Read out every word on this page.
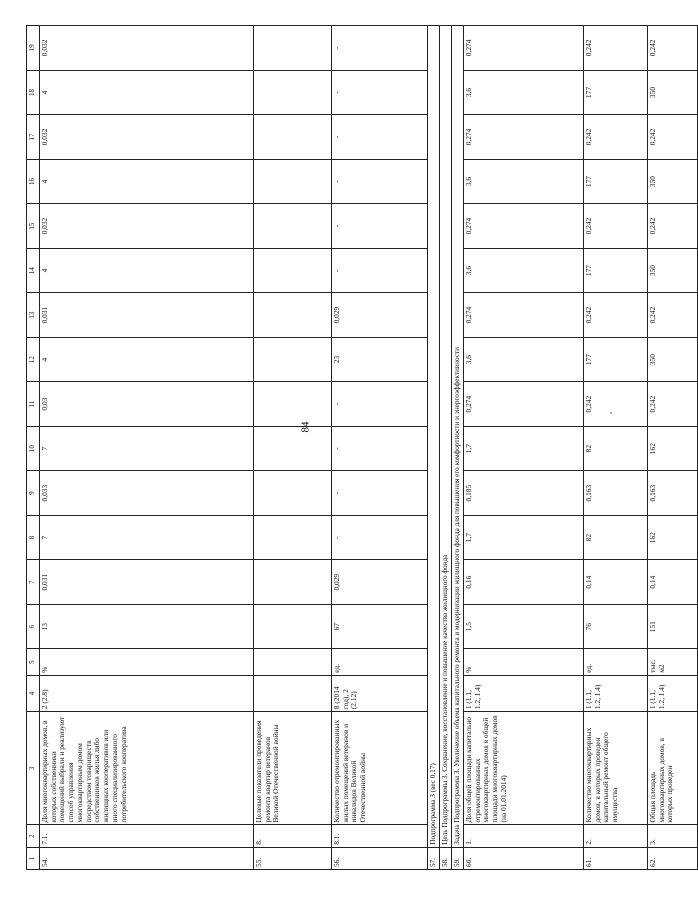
84
1	2	3	4	5	6	7	8	9	10	11	12	13	14	15	16	17	18	19
54.	7.1.	Доля многоквартирных домов, в которых собственники помещений выбрали и реализуют способ управления многоквартирным домом посредством товариществ собственников жилья либо жилищных кооперативов или иного специализированного потребительского кооператива	2 (2.8)	%	13	0,031	7	0,033	7	0,03	4	0,031	4	0,032	4	0,032	4	0,032
55.	8.	Целевые показатели проведения ремонта квартир ветеранов Великой Отечественной войны																
56.	8.1.	Количество отремонтированных жилых помещений ветеранов и инвалидов Великой Отечественной войны	8 (2014 год), 2 (2.12)	ед.	67	0,029	-	-	-	-	23	0,029	-	-	-	-	-	-
57.	Подпрограмма 3 (вес 0,17)																	
58.	Цель Подпрограммы 3. Сохранение, восстановление и повышение качества жилищного фонда																	
59.	Задача Подпрограммы 3. Увеличение объема капитального ремонта и модернизации жилищного фонда для повышения его комфортности и энергоэффективности																	
60.	1.	Доля общей площади капитально отремонтированных многоквартирных домов в общей площади многоквартирных домов (на 01.01.2014)	1 (1.1, 1.2, 1.4)	%	1,5	0,16	1,7	0,185	1,7	0,274	3,6	0,274	3,6	0,274	3,6	0,274	3,6	0,274
61.	2.	Количество многоквартирных домов, в которых проведен капитальный ремонт общего имущества	1 (1.1, 1.2, 1.4)	ед.	76	0,14	82	0,163	82	0,242	177	0,242	177	0,242	177	0,242	177	0,242
62.	3.	Общая площадь многоквартирных домов, в которых проведен	1 (1.1, 1.2, 1.4)	тыс. м2	151	0,14	162	0,163	162	0,242	350	0,242	350	0,242	350	0,242	350	0,242
